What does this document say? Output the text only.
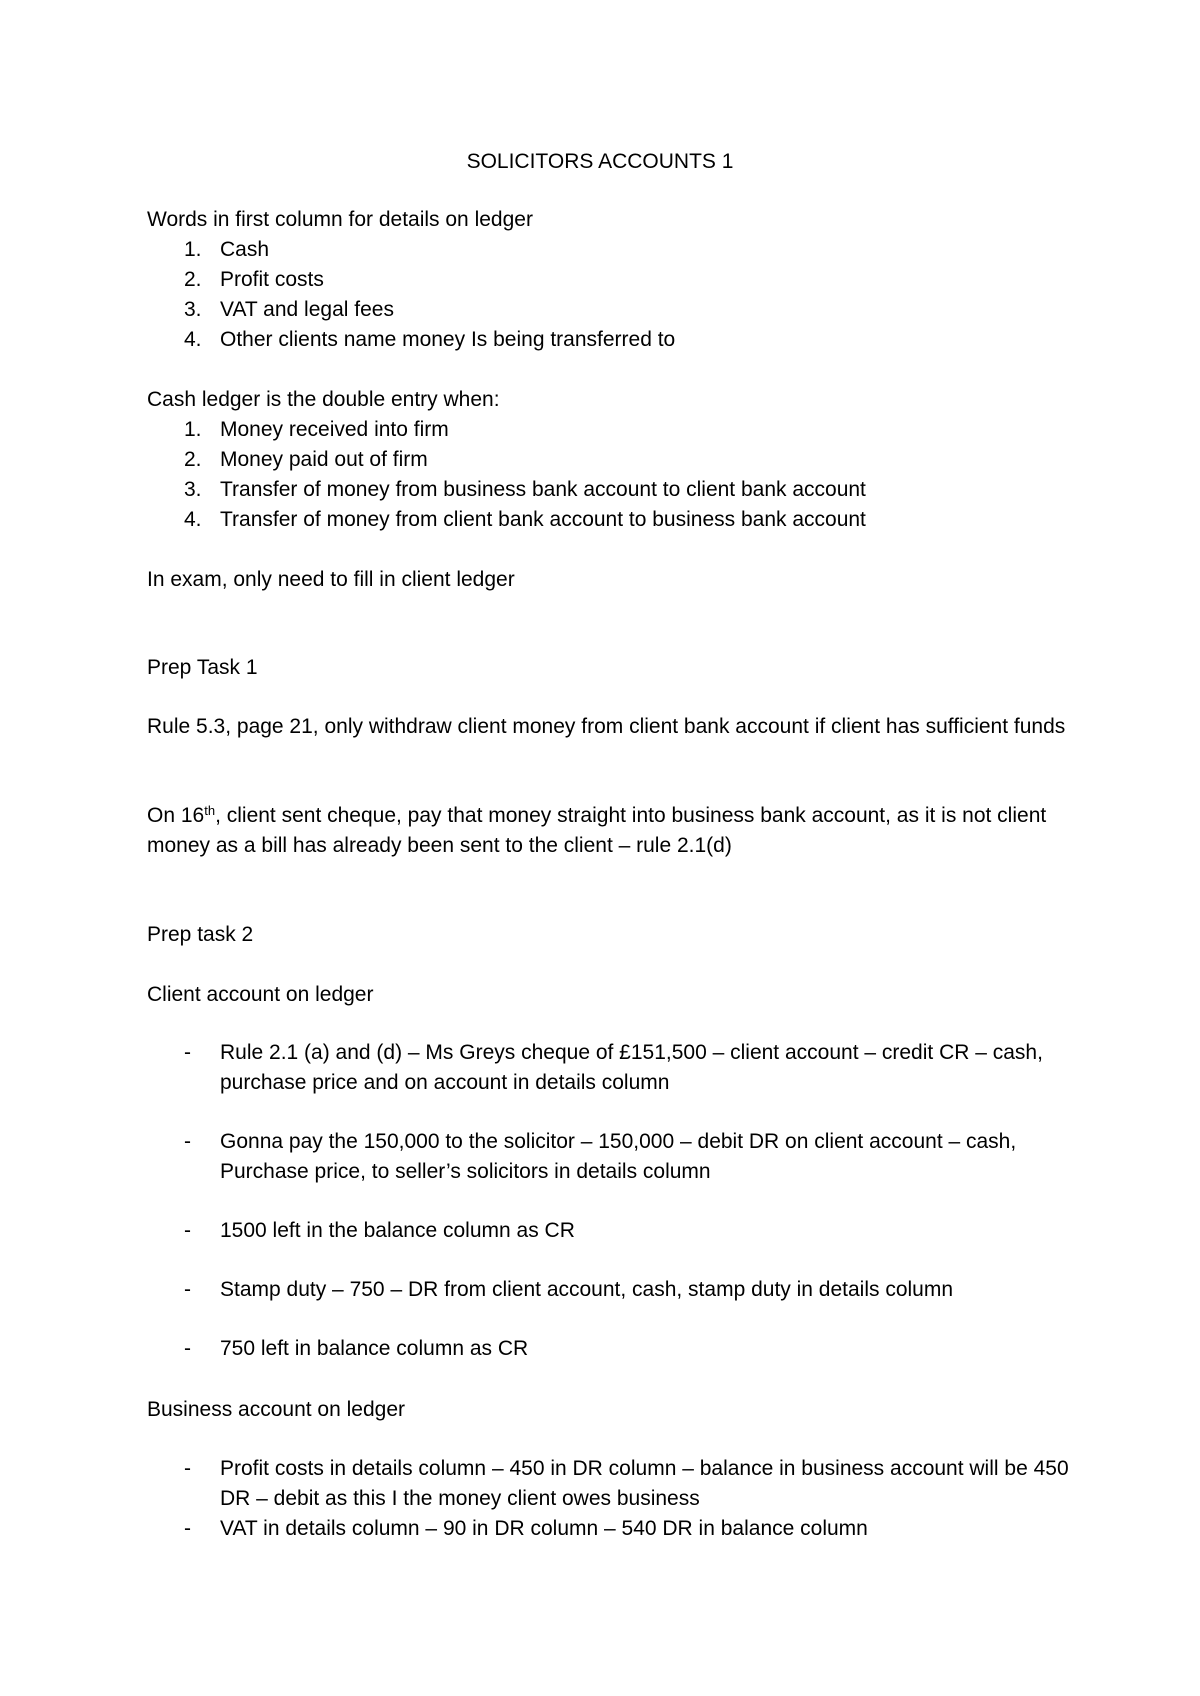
SOLICITORS ACCOUNTS 1

Words in first column for details on ledger

1. Cash
2. Profit costs
3. VAT and legal fees
4. Other clients name money Is being transferred to

Cash ledger is the double entry when:

1. Money received into firm
2. Money paid out of firm
3. Transfer of money from business bank account to client bank account
4. Transfer of money from client bank account to business bank account

In exam, only need to fill in client ledger

Prep Task 1

Rule 5.3, page 21, only withdraw client money from client bank account if client has sufficient funds

On 16th, client sent cheque, pay that money straight into business bank account, as it is not client money as a bill has already been sent to the client – rule 2.1(d)

Prep task 2

Client account on ledger

- Rule 2.1 (a) and (d) – Ms Greys cheque of £151,500 – client account – credit CR – cash, purchase price and on account in details column
- Gonna pay the 150,000 to the solicitor – 150,000 – debit DR on client account – cash, Purchase price, to seller’s solicitors in details column
- 1500 left in the balance column as CR
- Stamp duty – 750 – DR from client account, cash, stamp duty in details column
- 750 left in balance column as CR

Business account on ledger

- Profit costs in details column – 450 in DR column – balance in business account will be 450 DR – debit as this I the money client owes business
- VAT in details column – 90 in DR column – 540 DR in balance column
